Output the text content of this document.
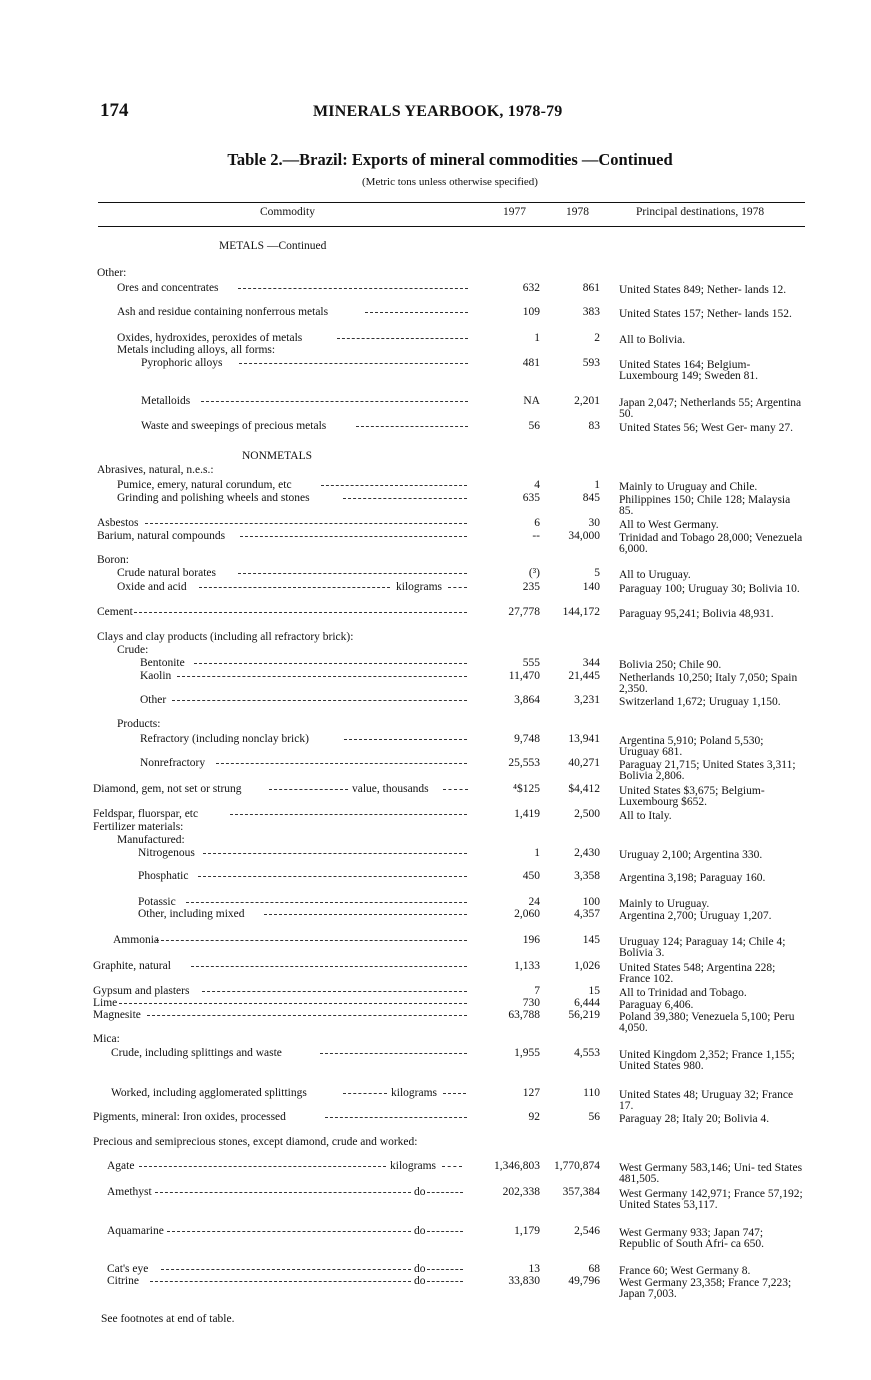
174	MINERALS YEARBOOK, 1978-79
Table 2.—Brazil: Exports of mineral commodities —Continued
(Metric tons unless otherwise specified)
Commodity	1977	1978	Principal destinations, 1978
METALS —Continued
NONMETALS
Other:
Ores and concentrates	632	861 United States 849; Nether- lands 12.
Ash and residue containing nonferrous metals	109	383 United States 157; Nether- lands 152.
Oxides, hydroxides, peroxides of metals	1	2 All to Bolivia.
Metals including alloys, all forms:
Pyrophoric alloys	481	593 United States 164; Belgium-Luxembourg 149; Sweden 81.
Metalloids	NA	2,201 Japan 2,047; Netherlands 55; Argentina 50.
Waste and sweepings of precious metals	56	83 United States 56; West Ger- many 27.
Abrasives, natural, n.e.s.:
Pumice, emery, natural corundum, etc	4	1 Mainly to Uruguay and Chile.
Grinding and polishing wheels and stones	635	845 Philippines 150; Chile 128; Malaysia 85.
Asbestos	6	30 All to West Germany.
Barium, natural compounds	--	34,000 Trinidad and Tobago 28,000; Venezuela 6,000.
Boron:
Crude natural borates	(³)	5 All to Uruguay.
Oxide and acid	kilograms	235	140 Paraguay 100; Uruguay 30; Bolivia 10.
Cement	27,778	144,172 Paraguay 95,241; Bolivia 48,931.
Clays and clay products (including all refractory brick):
Crude:
Bentonite	555	344 Bolivia 250; Chile 90.
Kaolin	11,470	21,445 Netherlands 10,250; Italy 7,050; Spain 2,350.
Other	3,864	3,231 Switzerland 1,672; Uruguay 1,150.
Products:
Refractory (including nonclay brick)	9,748	13,941 Argentina 5,910; Poland 5,530; Uruguay 681.
Nonrefractory	25,553	40,271 Paraguay 21,715; United States 3,311; Bolivia 2,806.
Diamond, gem, not set or strung	value, thousands	⁴$125	$4,412 United States $3,675; Belgium-Luxembourg $652.
Feldspar, fluorspar, etc	1,419	2,500 All to Italy.
Fertilizer materials:
Manufactured:
Nitrogenous	1	2,430 Uruguay 2,100; Argentina 330.
Phosphatic	450	3,358 Argentina 3,198; Paraguay 160.
Potassic	24	100 Mainly to Uruguay.
Other, including mixed	2,060	4,357 Argentina 2,700; Uruguay 1,207.
Ammonia	196	145 Uruguay 124; Paraguay 14; Chile 4; Bolivia 3.
Graphite, natural	1,133	1,026 United States 548; Argentina 228; France 102.
Gypsum and plasters	7	15 All to Trinidad and Tobago.
Lime	730	6,444 Paraguay 6,406.
Magnesite	63,788	56,219 Poland 39,380; Venezuela 5,100; Peru 4,050.
Mica:
Crude, including splittings and waste	1,955	4,553 United Kingdom 2,352; France 1,155; United States 980.
Worked, including agglomerated splittings	kilograms	127	110 United States 48; Uruguay 32; France 17.
Pigments, mineral: Iron oxides, processed	92	56 Paraguay 28; Italy 20; Bolivia 4.
Precious and semiprecious stones, except diamond, crude and worked:
Agate	kilograms	1,346,803	1,770,874 West Germany 583,146; Uni- ted States 481,505.
Amethyst	do	202,338	357,384 West Germany 142,971; France 57,192; United States 53,117.
Aquamarine	do	1,179	2,546 West Germany 933; Japan 747; Republic of South Afri- ca 650.
Cat's eye	do	13	68 France 60; West Germany 8.
Citrine	do	33,830	49,796 West Germany 23,358; France 7,223; Japan 7,003.
See footnotes at end of table.
